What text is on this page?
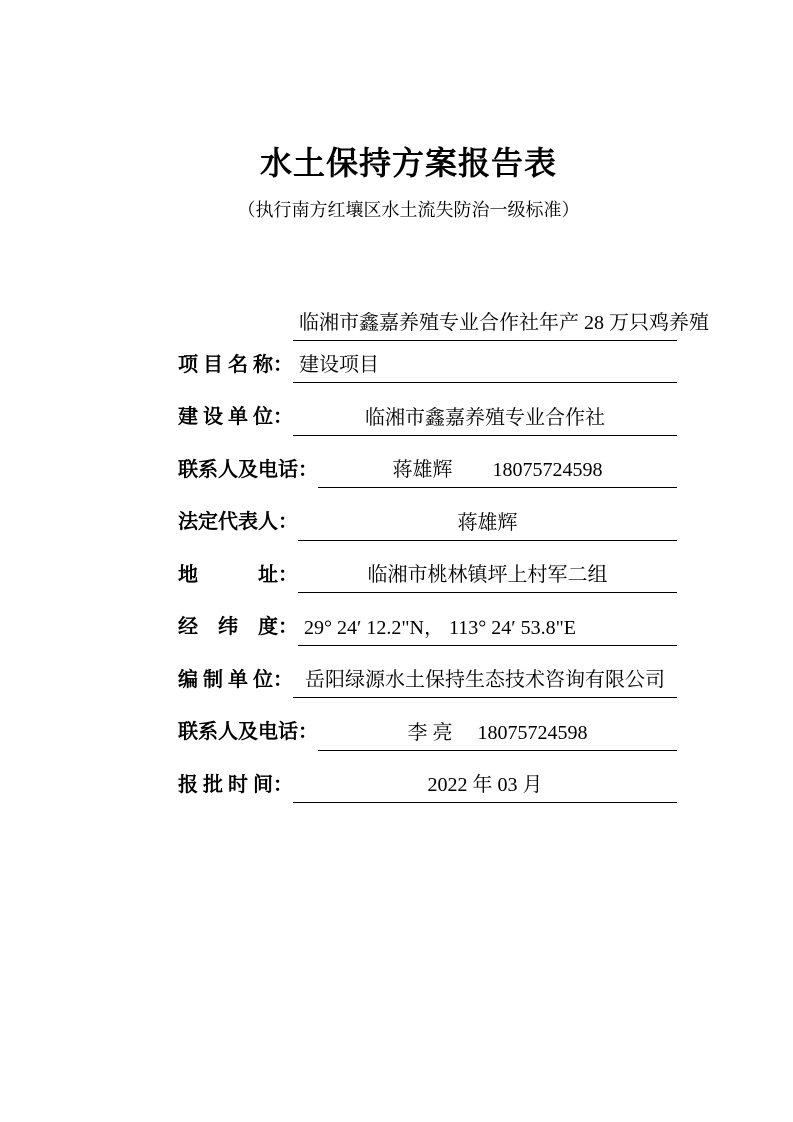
水土保持方案报告表
（执行南方红壤区水土流失防治一级标准）
项 目 名 称：
临湘市鑫嘉养殖专业合作社年产 28 万只鸡养殖
建设项目
建 设 单 位：	临湘市鑫嘉养殖专业合作社
联系人及电话：	蒋雄辉　　18075724598
法定代表人：	蒋雄辉
地　　　址：	临湘市桃林镇坪上村军二组
经　纬　度： 29° 24′ 12.2"N， 113° 24′ 53.8"E
编 制 单 位： 岳阳绿源水土保持生态技术咨询有限公司
联系人及电话：	李 亮　 18075724598
报 批 时 间：	2022 年 03 月
